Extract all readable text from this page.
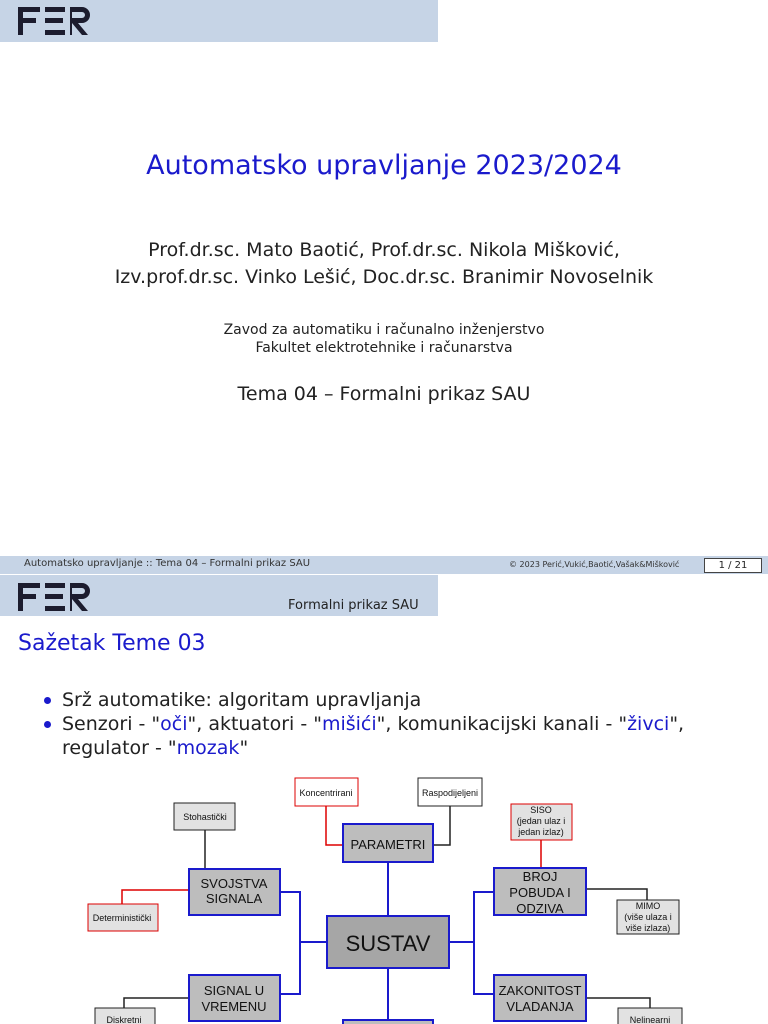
Automatsko upravljanje 2023/2024
Prof.dr.sc. Mato Baotić, Prof.dr.sc. Nikola Mišković,
Izv.prof.dr.sc. Vinko Lešić, Doc.dr.sc. Branimir Novoselnik
Zavod za automatiku i računalno inženjerstvo
Fakultet elektrotehnike i računarstva
Tema 04 – Formalni prikaz SAU
Automatsko upravljanje :: Tema 04 – Formalni prikaz SAU	© 2023 Perić,Vukić,Baotić,Vašak&Mišković	1 / 21
Formalni prikaz SAU
Sažetak Teme 03
Srž automatike: algoritam upravljanja
Senzori - "oči", aktuatori - "mišići", komunikacijski kanali - "živci",
regulator - "mozak"
SUSTAV
PARAMETRI
SVOJSTVA
SIGNALA
BROJ
POBUDA I
ODZIVA
SIGNAL U
VREMENU
ZAKONITOST
VLADANJA
Koncentrirani	Raspodijeljeni
Stohastički
Deterministički
SISO
(jedan ulaz i
jedan izlaz)
MIMO
(više ulaza i
više izlaza)
Diskretni	Nelinearni
